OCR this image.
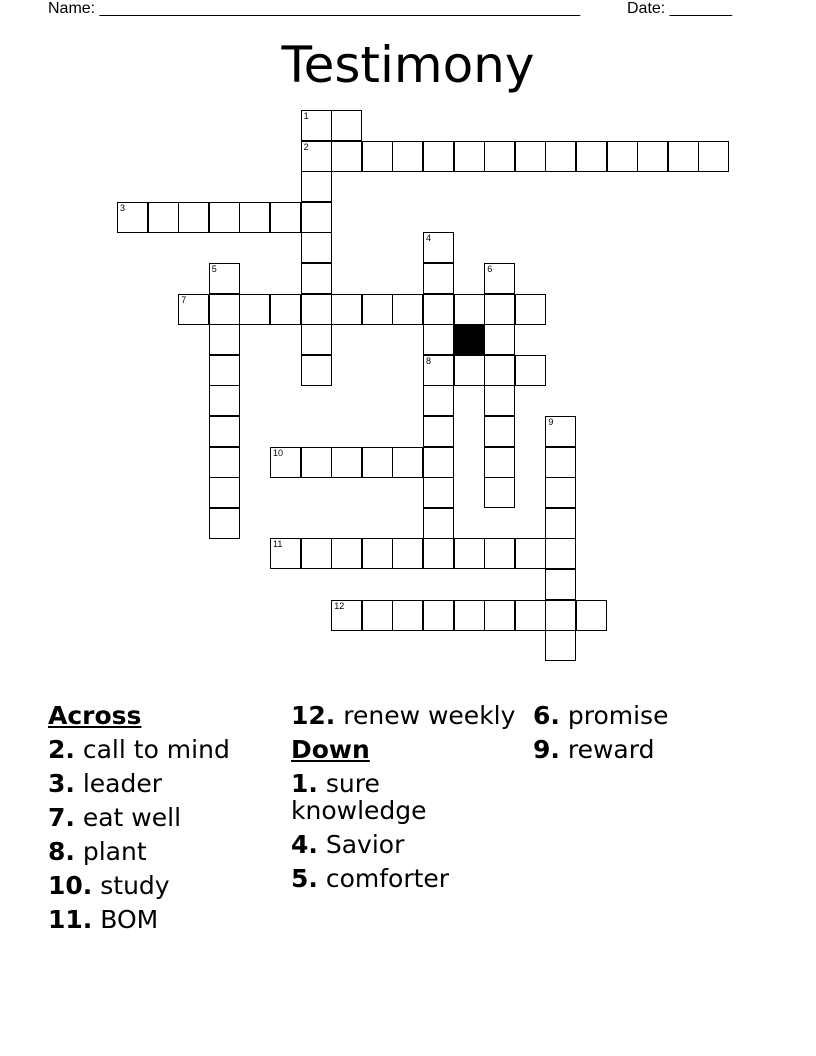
Name: ______________________________________________________	Date: _______
Testimony
1
2
3
4
5	6
7
8
9
10
11
12
Across
2. call to mind
3. leader
7. eat well
8. plant
10. study
11. BOM
12. renew weekly
Down
1. sure knowledge
4. Savior
5. comforter
6. promise
9. reward
